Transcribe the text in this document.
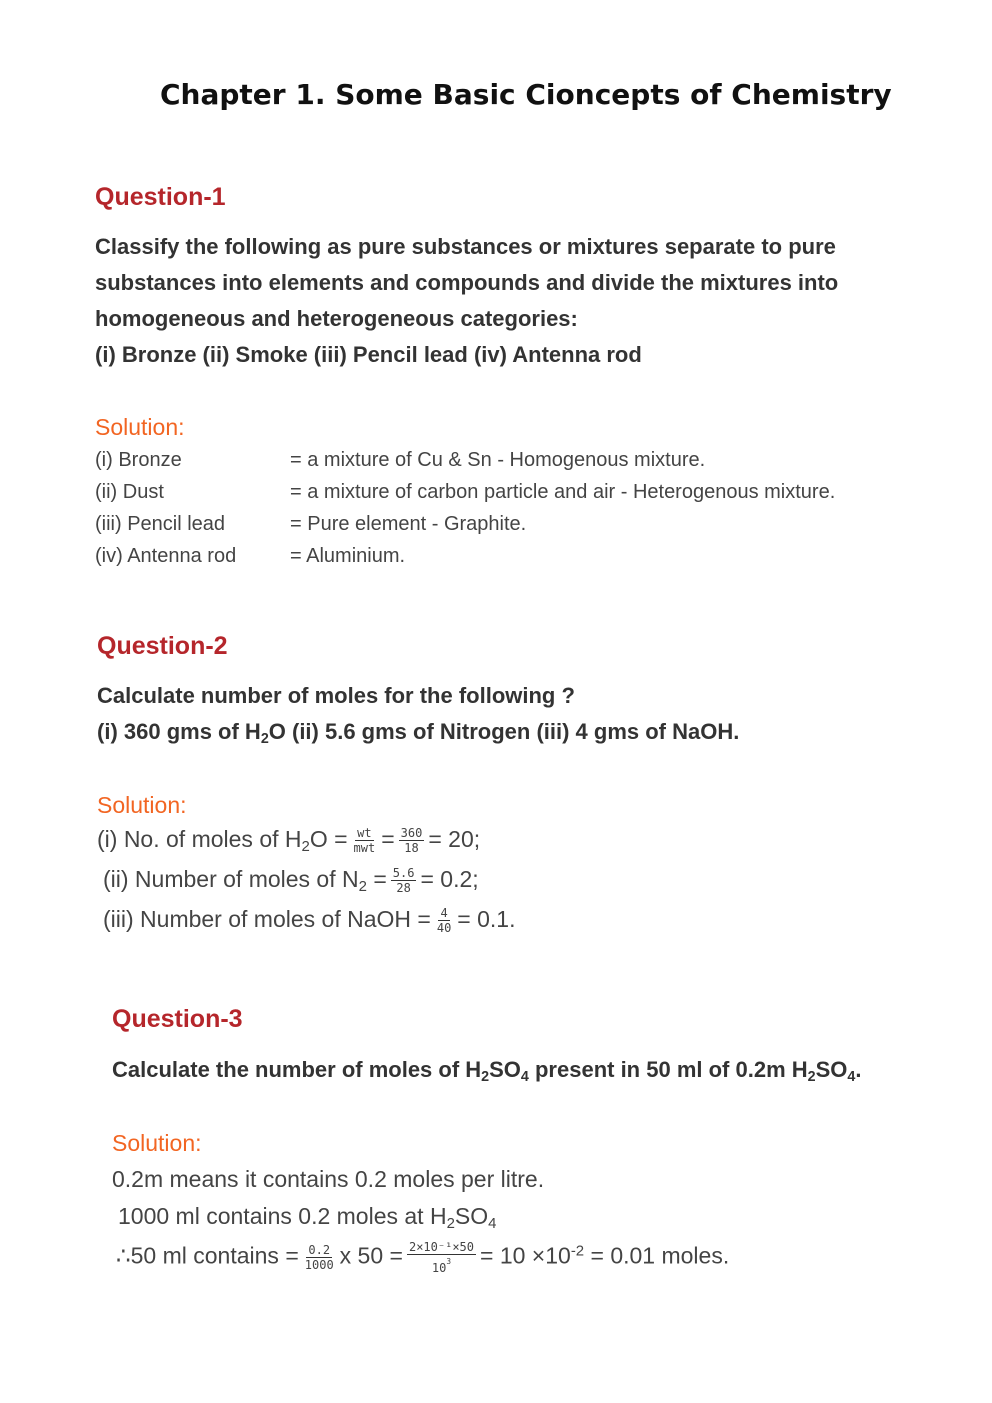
Chapter 1. Some Basic Cioncepts of Chemistry
Question-1
Classify the following as pure substances or mixtures separate to pure
substances into elements and compounds and divide the mixtures into
homogeneous and heterogeneous categories:
(i) Bronze (ii) Smoke (iii) Pencil lead (iv) Antenna rod
Solution:
(i) Bronze	= a mixture of Cu & Sn - Homogenous mixture.
(ii) Dust	= a mixture of carbon particle and air - Heterogenous mixture.
(iii) Pencil lead	= Pure element - Graphite.
(iv) Antenna rod	= Aluminium.
Question-2
Calculate number of moles for the following ?
(i) 360 gms of $H_2O$ (ii) 5.6 gms of Nitrogen (iii) 4 gms of NaOH.
Solution:
(i) No. of moles of $H_2O = \frac{wt}{\text{mwt}} = \frac{360}{18} = 20$;
(ii) Number of moles of $N_2 = \frac{5.6}{28} = 0.2$;
(iii) Number of moles of NaOH = $\frac{4}{40} = 0.1$.
Question-3
Calculate the number of moles of $H_2SO_4$ present in 50 ml of 0.2m $H_2SO_4$.
Solution:
0.2m means it contains 0.2 moles per litre.
1000 ml contains 0.2 moles at $H_2SO_4$
∴50 ml contains = $\frac{0.2}{1000}$ x $50 = \frac{\text{2×10⁻¹×50}}{10^3} = 10 \times 10^{-2} = 0.01$ moles.
